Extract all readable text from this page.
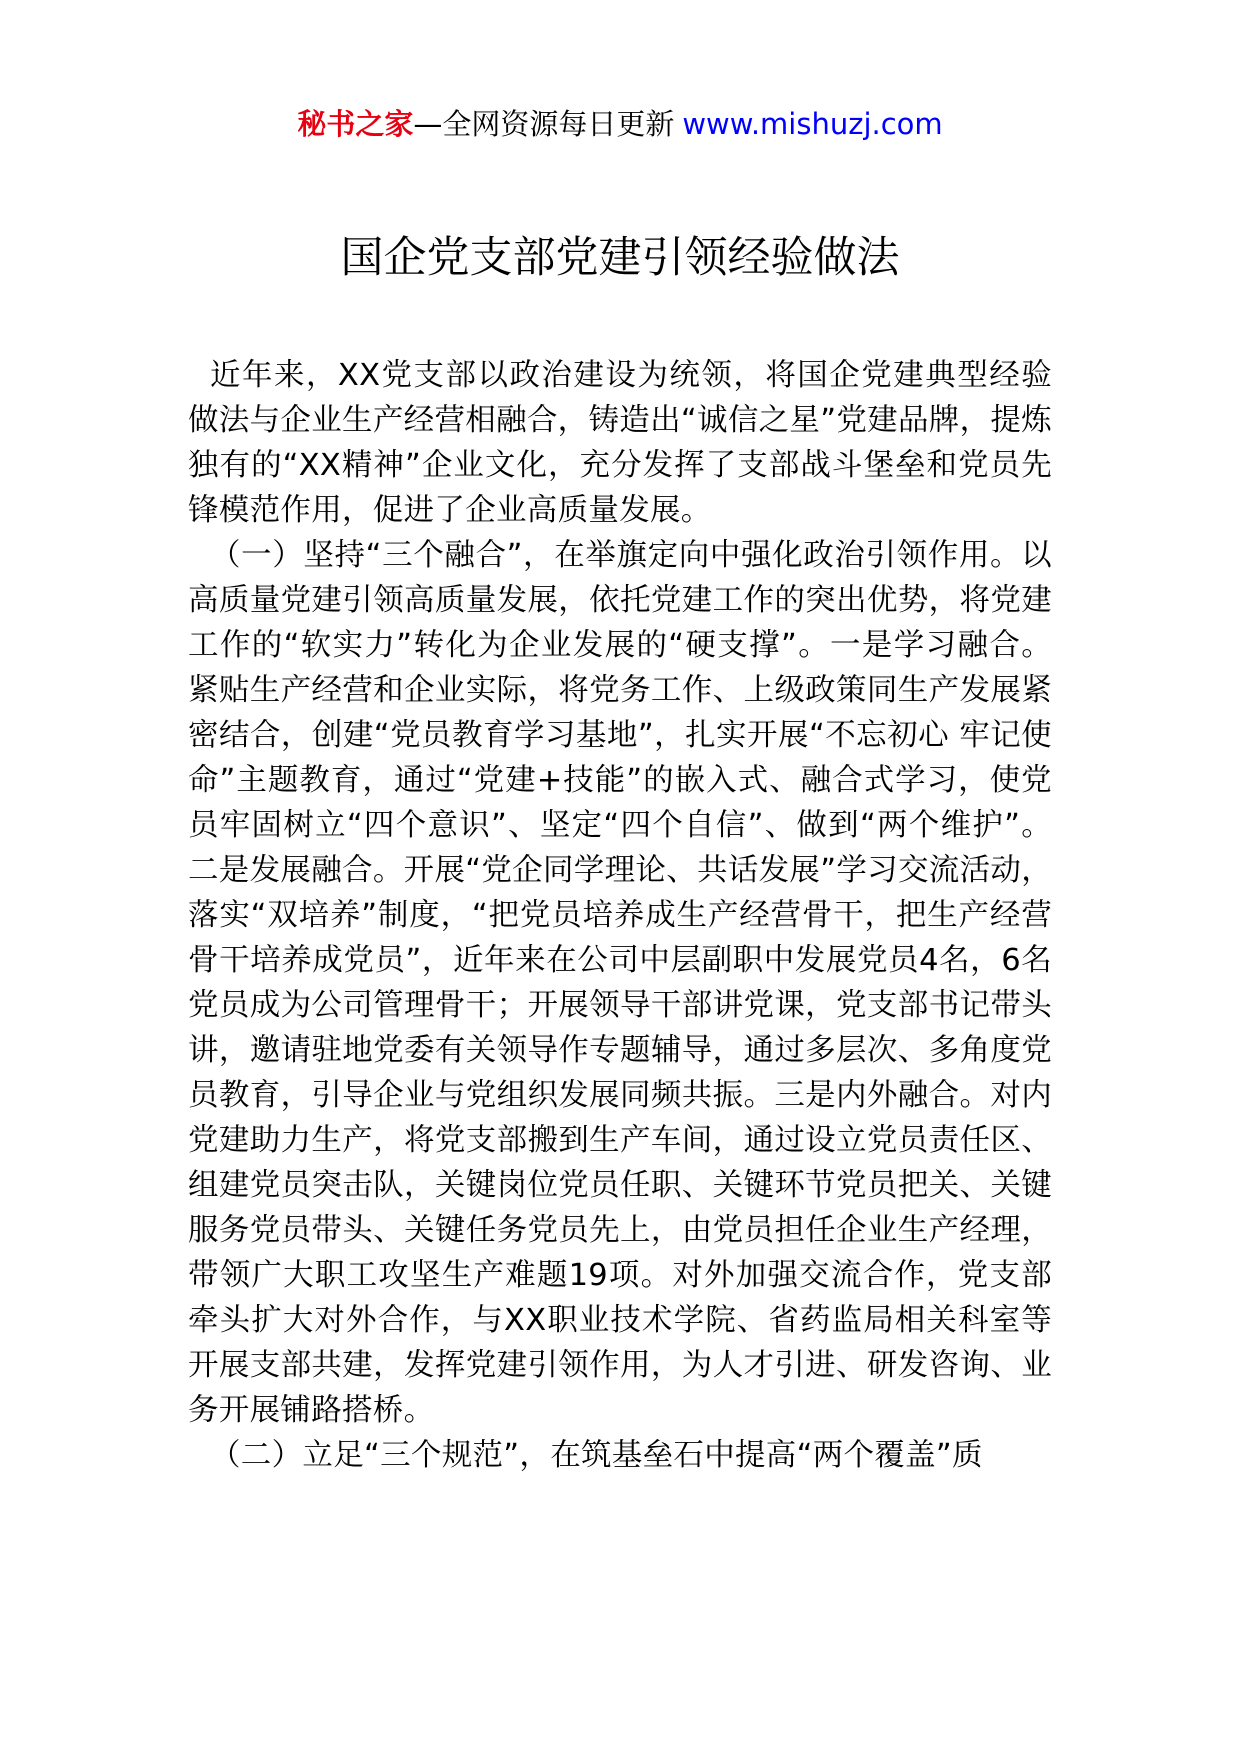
秘书之家—全网资源每日更新 www.mishuzj.com
国企党支部党建引领经验做法

近年来，XX党支部以政治建设为统领，将国企党建典型经验做法与企业生产经营相融合，铸造出“诚信之星”党建品牌，提炼独有的“XX精神”企业文化，充分发挥了支部战斗堡垒和党员先锋模范作用，促进了企业高质量发展。

（一）坚持“三个融合”，在举旗定向中强化政治引领作用。以高质量党建引领高质量发展，依托党建工作的突出优势，将党建工作的“软实力”转化为企业发展的“硬支撑”。一是学习融合。紧贴生产经营和企业实际，将党务工作、上级政策同生产发展紧密结合，创建“党员教育学习基地”，扎实开展“不忘初心 牢记使命”主题教育，通过“党建+技能”的嵌入式、融合式学习，使党员牢固树立“四个意识”、坚定“四个自信”、做到“两个维护”。二是发展融合。开展“党企同学理论、共话发展”学习交流活动，落实“双培养”制度，“把党员培养成生产经营骨干，把生产经营骨干培养成党员”，近年来在公司中层副职中发展党员4名，6名党员成为公司管理骨干；开展领导干部讲党课，党支部书记带头讲，邀请驻地党委有关领导作专题辅导，通过多层次、多角度党员教育，引导企业与党组织发展同频共振。三是内外融合。对内党建助力生产，将党支部搬到生产车间，通过设立党员责任区、组建党员突击队，关键岗位党员任职、关键环节党员把关、关键服务党员带头、关键任务党员先上，由党员担任企业生产经理，带领广大职工攻坚生产难题19项。对外加强交流合作，党支部牵头扩大对外合作，与XX职业技术学院、省药监局相关科室等开展支部共建，发挥党建引领作用，为人才引进、研发咨询、业务开展铺路搭桥。

（二）立足“三个规范”，在筑基垒石中提高“两个覆盖”质
